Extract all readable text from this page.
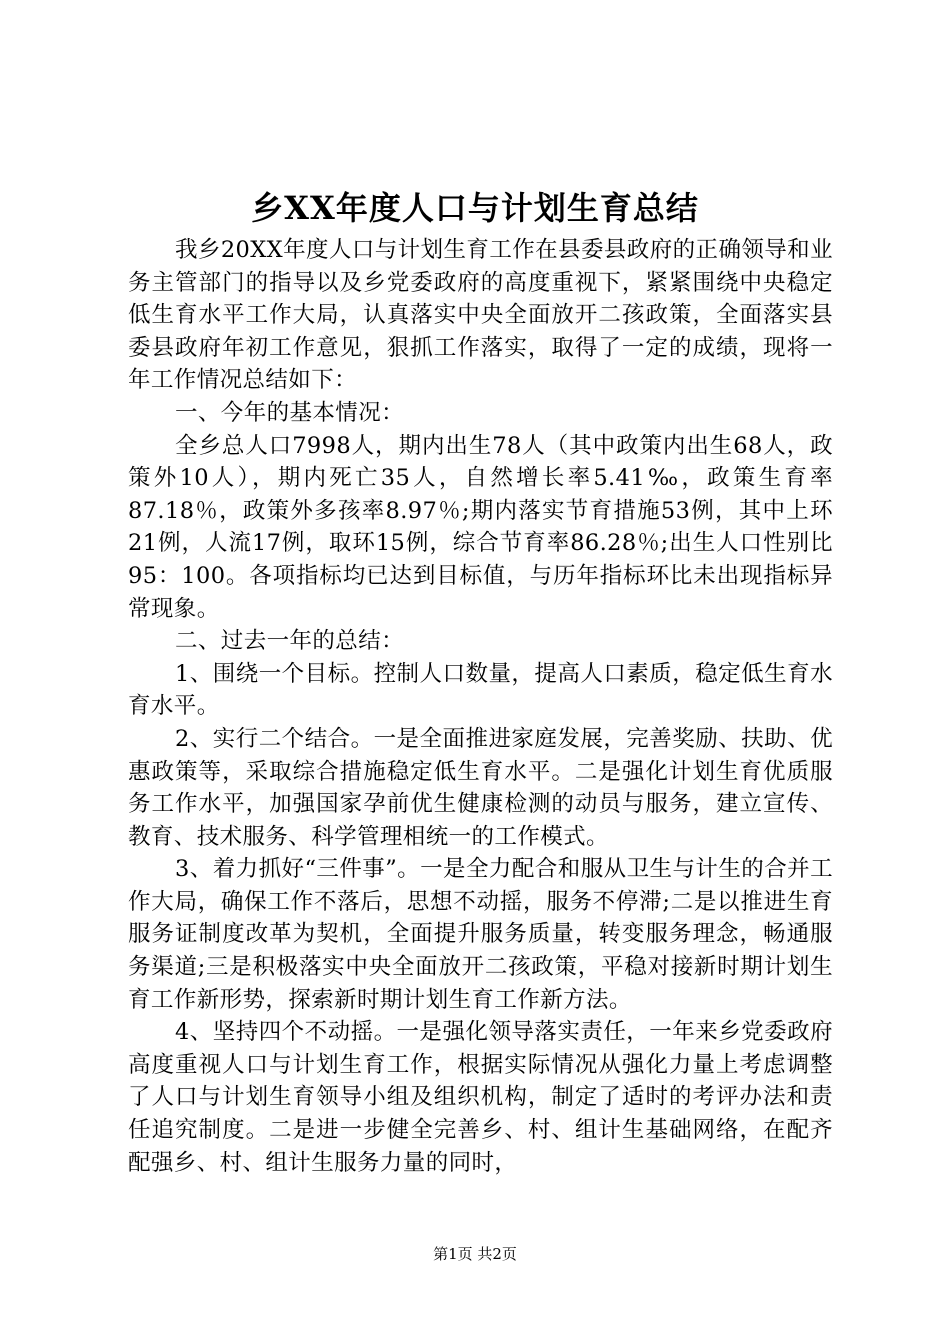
乡XX年度人口与计划生育总结

我乡20XX年度人口与计划生育工作在县委县政府的正确领导和业务主管部门的指导以及乡党委政府的高度重视下，紧紧围绕中央稳定低生育水平工作大局，认真落实中央全面放开二孩政策，全面落实县委县政府年初工作意见，狠抓工作落实，取得了一定的成绩，现将一年工作情况总结如下：

一、今年的基本情况：

全乡总人口7998人，期内出生78人（其中政策内出生68人，政策外10人），期内死亡35人，自然增长率5.41‰，政策生育率87.18％，政策外多孩率8.97％;期内落实节育措施53例，其中上环21例，人流17例，取环15例，综合节育率86.28％;出生人口性别比95：100。各项指标均已达到目标值，与历年指标环比未出现指标异常现象。

二、过去一年的总结：

1、围绕一个目标。控制人口数量，提高人口素质，稳定低生育水育水平。

2、实行二个结合。一是全面推进家庭发展，完善奖励、扶助、优惠政策等，采取综合措施稳定低生育水平。二是强化计划生育优质服务工作水平，加强国家孕前优生健康检测的动员与服务，建立宣传、教育、技术服务、科学管理相统一的工作模式。

3、着力抓好“三件事”。一是全力配合和服从卫生与计生的合并工作大局，确保工作不落后，思想不动摇，服务不停滞;二是以推进生育服务证制度改革为契机，全面提升服务质量，转变服务理念，畅通服务渠道;三是积极落实中央全面放开二孩政策，平稳对接新时期计划生育工作新形势，探索新时期计划生育工作新方法。

4、坚持四个不动摇。一是强化领导落实责任，一年来乡党委政府高度重视人口与计划生育工作，根据实际情况从强化力量上考虑调整了人口与计划生育领导小组及组织机构，制定了适时的考评办法和责任追究制度。二是进一步健全完善乡、村、组计生基础网络，在配齐配强乡、村、组计生服务力量的同时，

第1页 共2页
